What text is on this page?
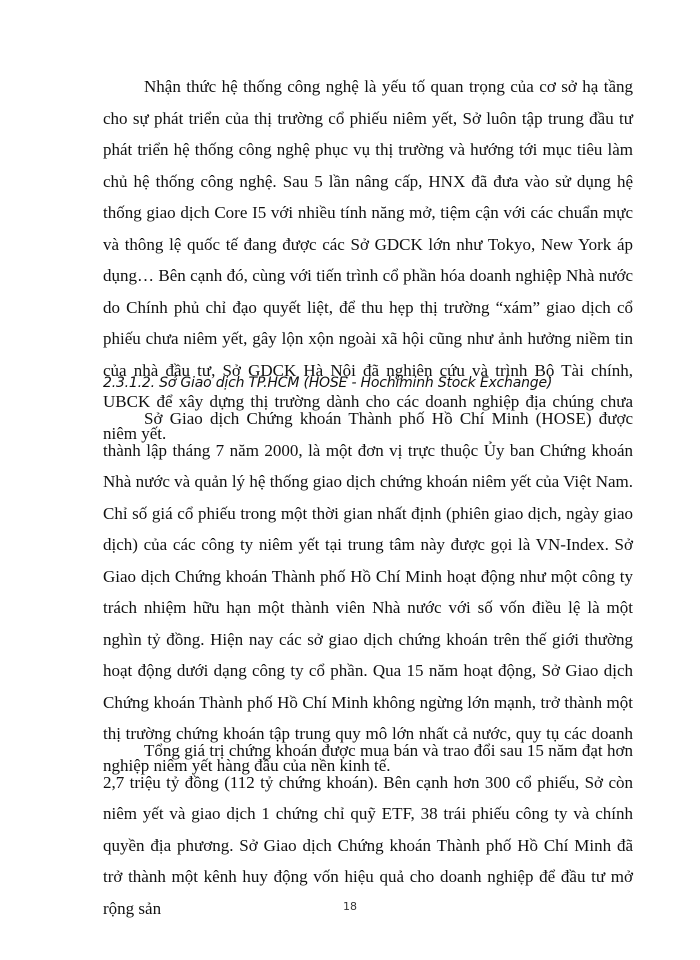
Nhận thức hệ thống công nghệ là yếu tố quan trọng của cơ sở hạ tầng cho sự phát triển của thị trường cổ phiếu niêm yết, Sở luôn tập trung đầu tư phát triển hệ thống công nghệ phục vụ thị trường và hướng tới mục tiêu làm chủ hệ thống công nghệ. Sau 5 lần nâng cấp, HNX đã đưa vào sử dụng hệ thống giao dịch Core I5 với nhiều tính năng mở, tiệm cận với các chuẩn mực và thông lệ quốc tế đang được các Sở GDCK lớn như Tokyo, New York áp dụng… Bên cạnh đó, cùng với tiến trình cổ phần hóa doanh nghiệp Nhà nước do Chính phủ chỉ đạo quyết liệt, để thu hẹp thị trường “xám” giao dịch cổ phiếu chưa niêm yết, gây lộn xộn ngoài xã hội cũng như ảnh hưởng niềm tin của nhà đầu tư, Sở GDCK Hà Nội đã nghiên cứu và trình Bộ Tài chính, UBCK để xây dựng thị trường dành cho các doanh nghiệp địa chúng chưa niêm yết.

2.3.1.2. Sở Giao dịch TP.HCM (HOSE - Hochiminh Stock Exchange)

Sở Giao dịch Chứng khoán Thành phố Hồ Chí Minh (HOSE) được thành lập tháng 7 năm 2000, là một đơn vị trực thuộc Ủy ban Chứng khoán Nhà nước và quản lý hệ thống giao dịch chứng khoán niêm yết của Việt Nam. Chỉ số giá cổ phiếu trong một thời gian nhất định (phiên giao dịch, ngày giao dịch) của các công ty niêm yết tại trung tâm này được gọi là VN-Index. Sở Giao dịch Chứng khoán Thành phố Hồ Chí Minh hoạt động như một công ty trách nhiệm hữu hạn một thành viên Nhà nước với số vốn điều lệ là một nghìn tỷ đồng. Hiện nay các sở giao dịch chứng khoán trên thế giới thường hoạt động dưới dạng công ty cổ phần. Qua 15 năm hoạt động, Sở Giao dịch Chứng khoán Thành phố Hồ Chí Minh không ngừng lớn mạnh, trở thành một thị trường chứng khoán tập trung quy mô lớn nhất cả nước, quy tụ các doanh nghiệp niêm yết hàng đầu của nền kinh tế.

Tổng giá trị chứng khoán được mua bán và trao đổi sau 15 năm đạt hơn 2,7 triệu tỷ đồng (112 tỷ chứng khoán). Bên cạnh hơn 300 cổ phiếu, Sở còn niêm yết và giao dịch 1 chứng chỉ quỹ ETF, 38 trái phiếu công ty và chính quyền địa phương. Sở Giao dịch Chứng khoán Thành phố Hồ Chí Minh đã trở thành một kênh huy động vốn hiệu quả cho doanh nghiệp để đầu tư mở rộng sản	18
